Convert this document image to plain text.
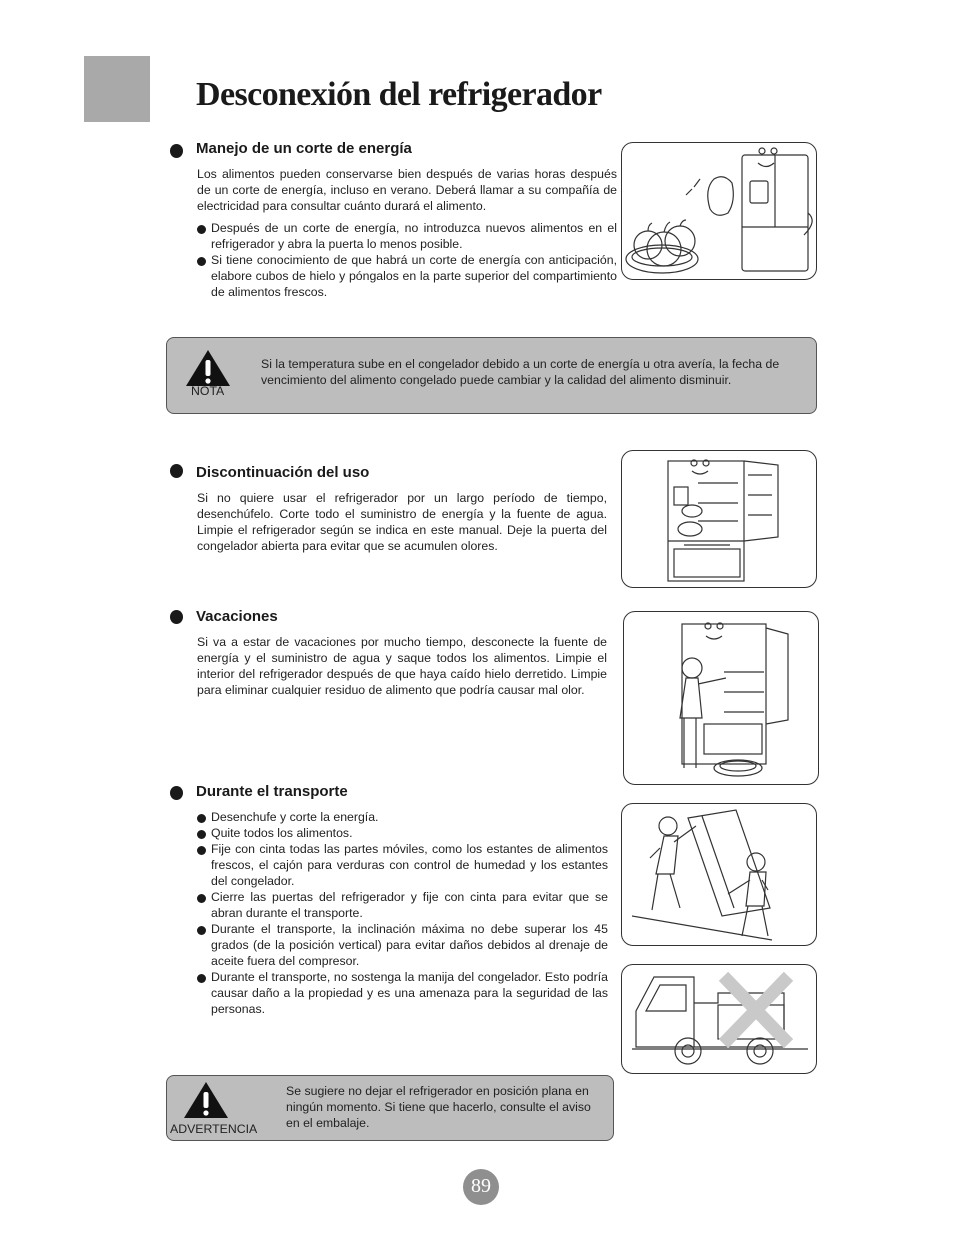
Desconexión del refrigerador
Manejo de un corte de energía

Los alimentos pueden conservarse bien después de varias horas después de un corte de energía, incluso en verano. Deberá llamar a su compañía de electricidad para consultar cuánto durará el alimento.

Después de un corte de energía, no introduzca nuevos alimentos en el refrigerador y abra la puerta lo menos posible.
Si tiene conocimiento de que habrá un corte de energía con anticipación, elabore cubos de hielo y póngalos en la parte superior del compartimiento de alimentos frescos.
NOTA

Si la temperatura sube en el congelador debido a un corte de energía u otra avería, la fecha de vencimiento del alimento congelado puede cambiar y la calidad del alimento disminuir.

Discontinuación del uso

Si no quiere usar el refrigerador por un largo período de tiempo, desenchúfelo. Corte todo el suministro de energía y la fuente de agua. Limpie el refrigerador según se indica en este manual. Deje la puerta del congelador abierta para evitar que se acumulen olores.

Vacaciones

Si va a estar de vacaciones por mucho tiempo, desconecte la fuente de energía y el suministro de agua y saque todos los alimentos. Limpie el interior del refrigerador después de que haya caído hielo derretido. Limpie para eliminar cualquier residuo de alimento que podría causar mal olor.

Durante el transporte
Desenchufe y corte la energía.
Quite todos los alimentos.
Fije con cinta todas las partes móviles, como los estantes de alimentos frescos, el cajón para verduras con control de humedad y los estantes del congelador.
Cierre las puertas del refrigerador y fije con cinta para evitar que se abran durante el transporte.
Durante el transporte, la inclinación máxima no debe superar los 45 grados (de la posición vertical) para evitar daños debidos al drenaje de aceite fuera del compresor.
Durante el transporte, no sostenga la manija del congelador. Esto podría causar daño a la propiedad y es una amenaza para la seguridad de las personas.
ADVERTENCIA

Se sugiere no dejar el refrigerador en posición plana en ningún momento. Si tiene que hacerlo, consulte el aviso en el embalaje.

89
